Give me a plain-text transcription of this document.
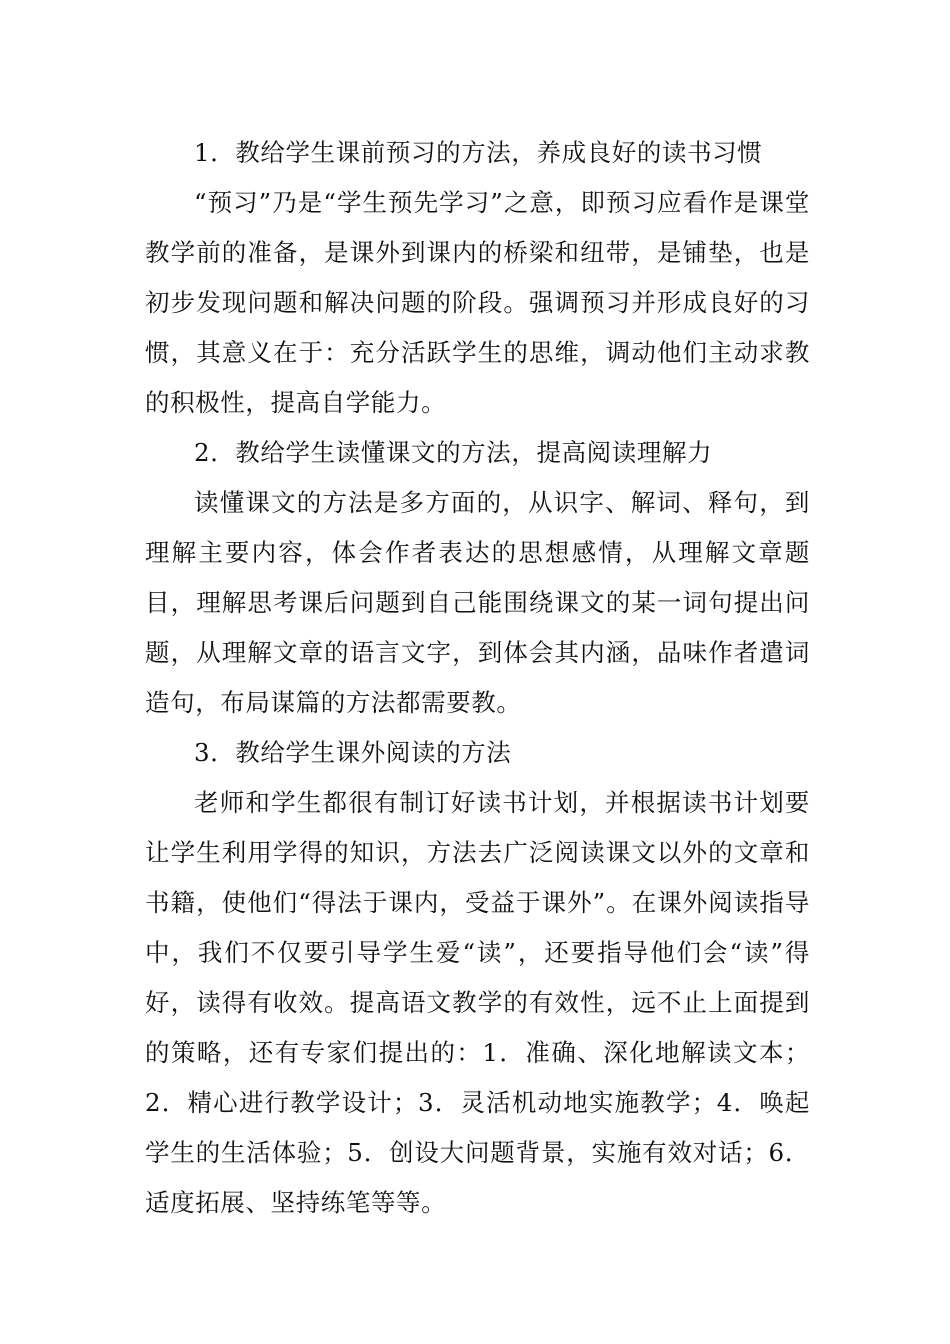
1．教给学生课前预习的方法，养成良好的读书习惯

“预习”乃是“学生预先学习”之意，即预习应看作是课堂教学前的准备，是课外到课内的桥梁和纽带，是铺垫，也是初步发现问题和解决问题的阶段。强调预习并形成良好的习惯，其意义在于：充分活跃学生的思维，调动他们主动求教的积极性，提高自学能力。

2．教给学生读懂课文的方法，提高阅读理解力

读懂课文的方法是多方面的，从识字、解词、释句，到理解主要内容，体会作者表达的思想感情，从理解文章题目，理解思考课后问题到自己能围绕课文的某一词句提出问题，从理解文章的语言文字，到体会其内涵，品味作者遣词造句，布局谋篇的方法都需要教。

3．教给学生课外阅读的方法

老师和学生都很有制订好读书计划，并根据读书计划要让学生利用学得的知识，方法去广泛阅读课文以外的文章和书籍，使他们“得法于课内，受益于课外”。在课外阅读指导中，我们不仅要引导学生爱“读”，还要指导他们会“读”得好，读得有收效。提高语文教学的有效性，远不止上面提到的策略，还有专家们提出的：1．准确、深化地解读文本；2．精心进行教学设计；3．灵活机动地实施教学；4．唤起学生的生活体验；5．创设大问题背景，实施有效对话；6．适度拓展、坚持练笔等等。
